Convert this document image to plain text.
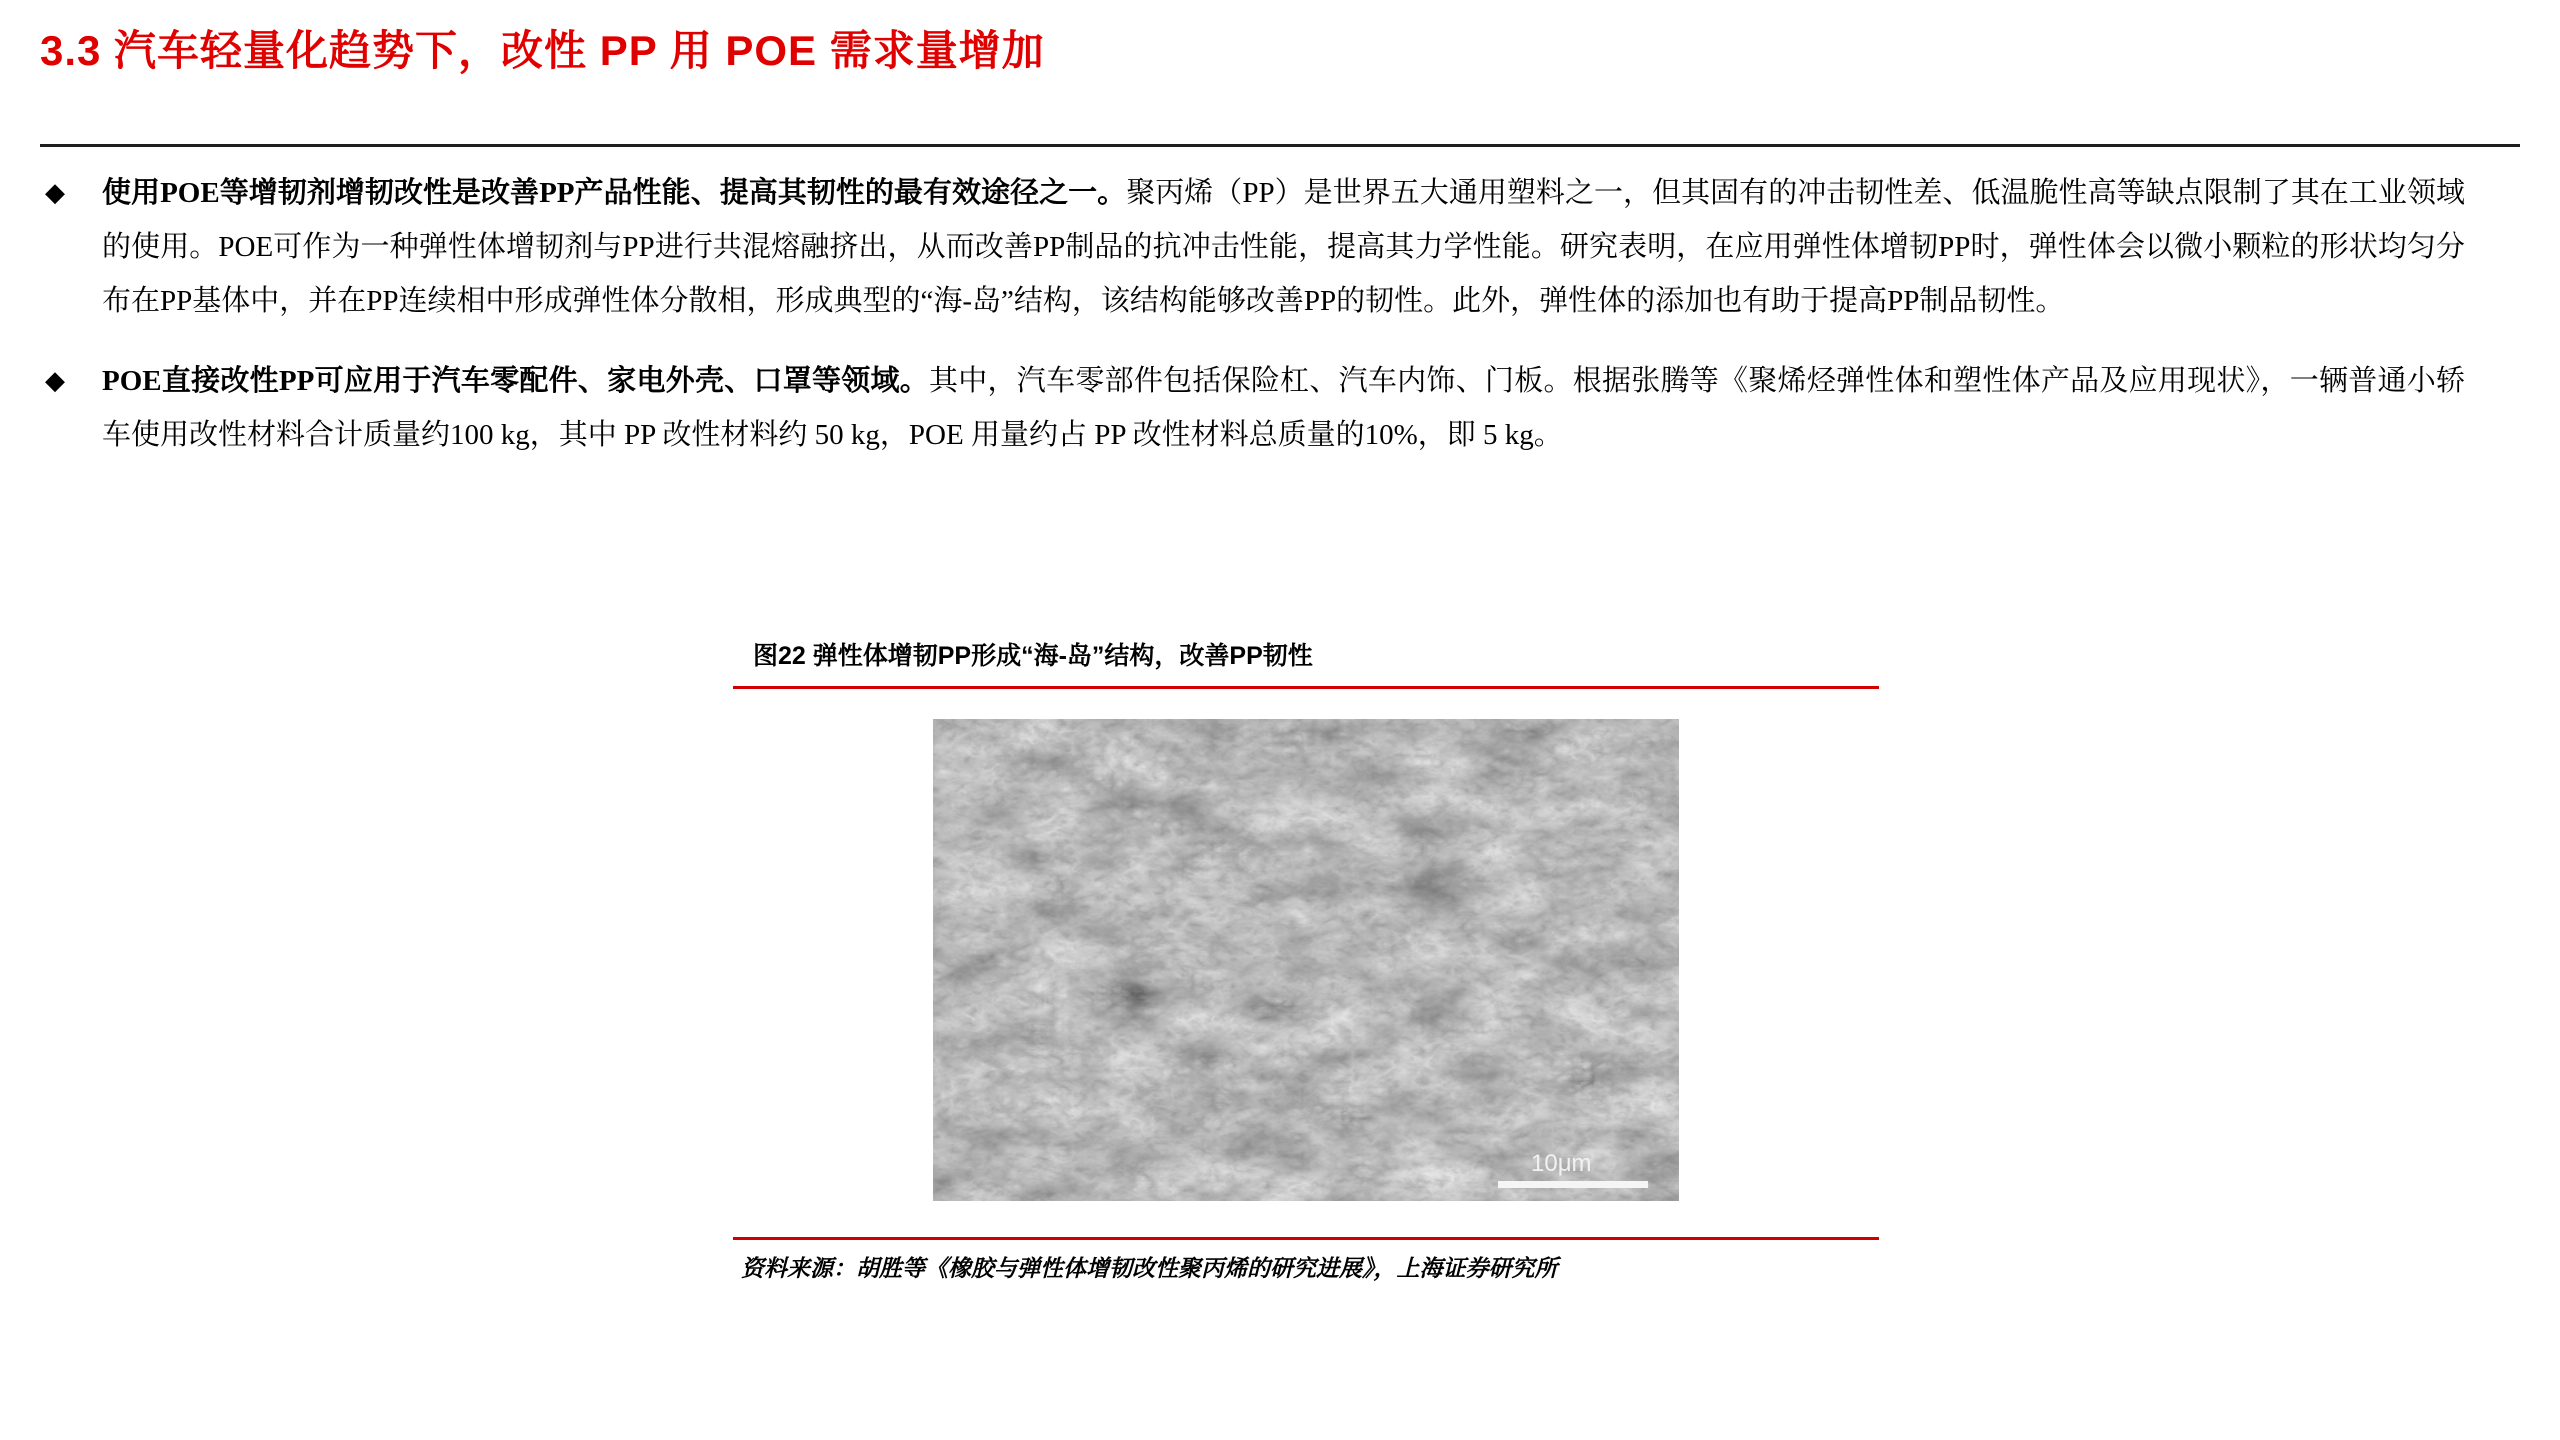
3.3 汽车轻量化趋势下，改性 PP 用 POE 需求量增加
◆ 使用POE等增韧剂增韧改性是改善PP产品性能、提高其韧性的最有效途径之一。聚丙烯（PP）是世界五大通用塑料之一，但其固有的冲击韧性差、低温脆性高等缺点限制了其在工业领域的使用。POE可作为一种弹性体增韧剂与PP进行共混熔融挤出，从而改善PP制品的抗冲击性能，提高其力学性能。研究表明，在应用弹性体增韧PP时，弹性体会以微小颗粒的形状均匀分布在PP基体中，并在PP连续相中形成弹性体分散相，形成典型的“海-岛”结构，该结构能够改善PP的韧性。此外，弹性体的添加也有助于提高PP制品韧性。
◆ POE直接改性PP可应用于汽车零配件、家电外壳、口罩等领域。其中，汽车零部件包括保险杠、汽车内饰、门板。根据张腾等《聚烯烃弹性体和塑性体产品及应用现状》，一辆普通小轿车使用改性材料合计质量约100 kg，其中 PP 改性材料约 50 kg，POE 用量约占 PP 改性材料总质量的10%，即 5 kg。
图22 弹性体增韧PP形成“海-岛”结构，改善PP韧性
10μm
资料来源：胡胜等《橡胶与弹性体增韧改性聚丙烯的研究进展》，上海证券研究所
